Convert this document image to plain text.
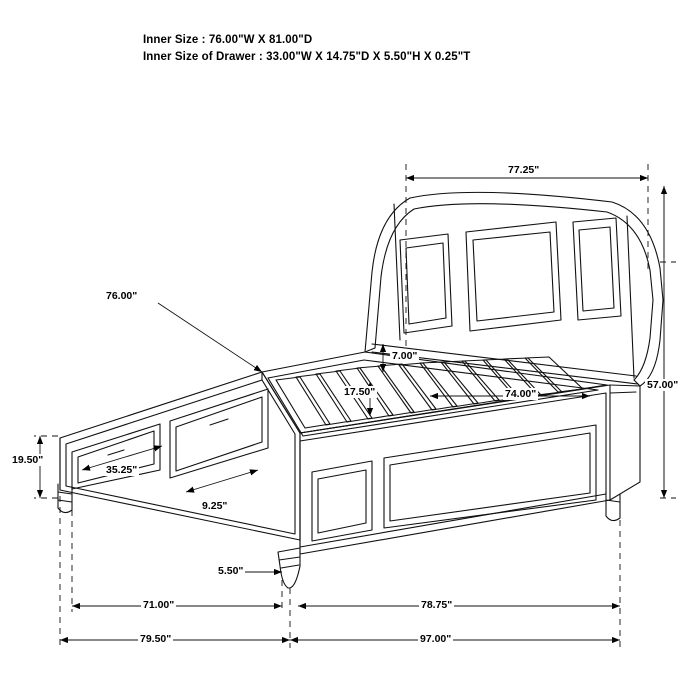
Inner Size : 76.00"W X 81.00"D
Inner Size of Drawer : 33.00"W X 14.75"D X 5.50"H X 0.25"T
77.25"
76.00"
7.00"
17.50"	74.00"
57.00"
19.50"
35.25"
9.25"
5.50"
71.00"	78.75"
79.50"	97.00"
